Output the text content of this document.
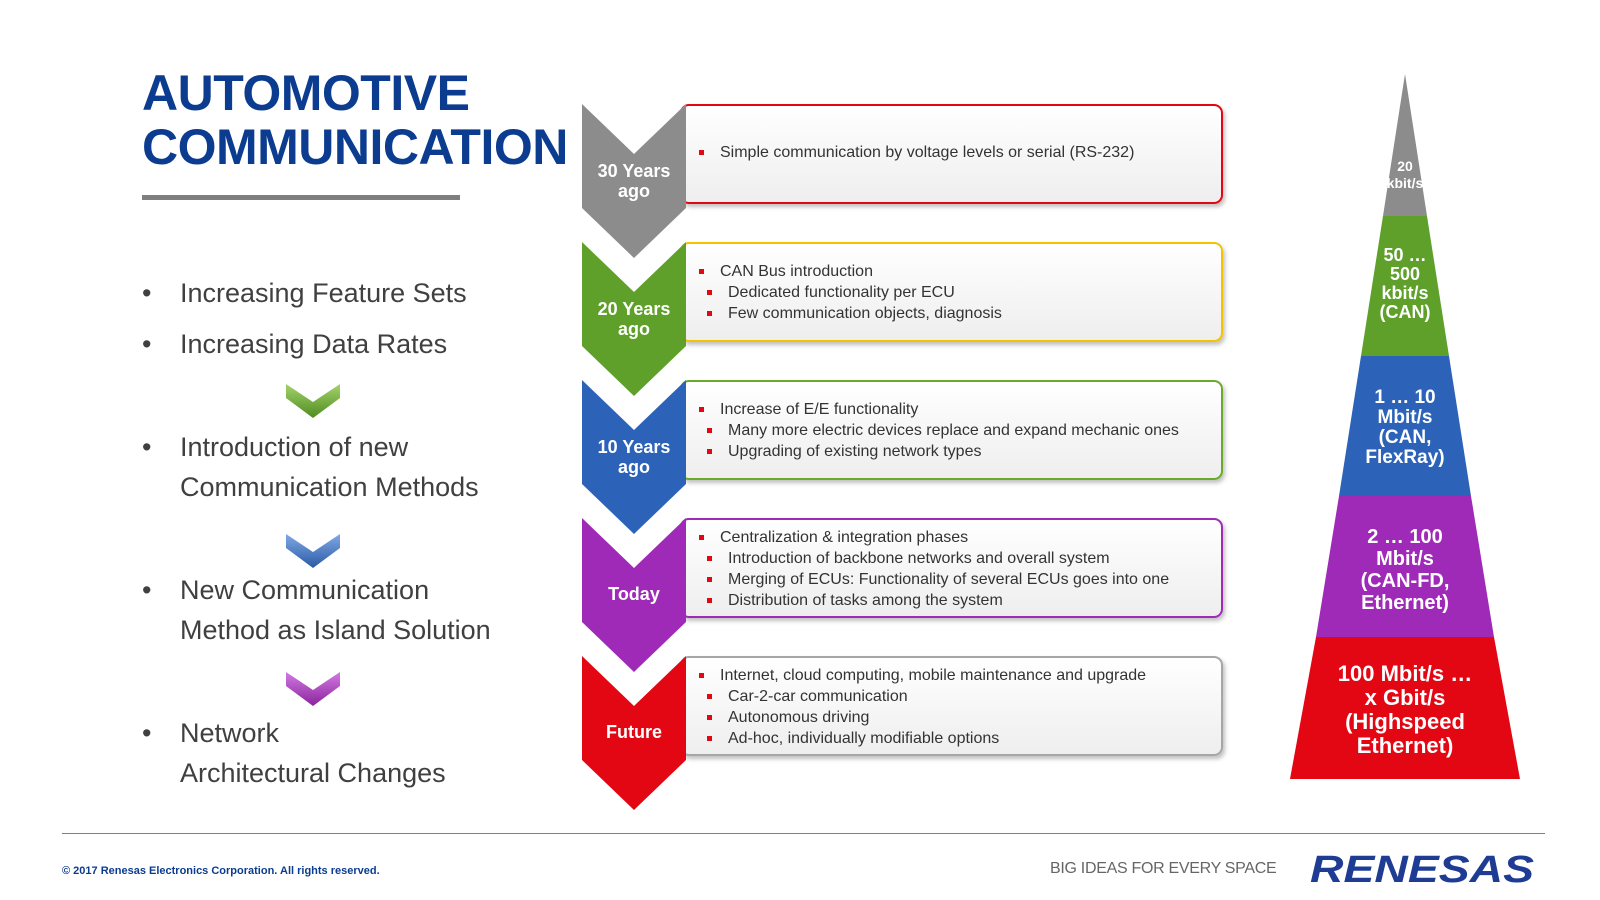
AUTOMOTIVE
COMMUNICATION
•	Increasing Feature Sets
•	Increasing Data Rates
•	Introduction of new
Communication Methods
•	New Communication
Method as Island Solution
•	Network
Architectural Changes
Simple communication by voltage levels or serial (RS-232)
30 Years
ago
CAN Bus introduction
Dedicated functionality per ECU
Few communication objects, diagnosis
20 Years
ago
Increase of E/E functionality
Many more electric devices replace and expand mechanic ones
Upgrading of existing network types
10 Years
ago
Centralization & integration phases
Introduction of backbone networks and overall system
Merging of ECUs: Functionality of several ECUs goes into one
Distribution of tasks among the system
Today
Internet, cloud computing, mobile maintenance and upgrade
Car-2-car communication
Autonomous driving
Ad-hoc, individually modifiable options
Future
20
kbit/s
50 …
500
kbit/s
(CAN)
1 … 10
Mbit/s
(CAN,
FlexRay)
2 … 100
Mbit/s
(CAN-FD,
Ethernet)
100 Mbit/s …
x Gbit/s
(Highspeed
Ethernet)
© 2017 Renesas Electronics Corporation. All rights reserved.	BIG IDEAS FOR EVERY SPACE RENESAS
